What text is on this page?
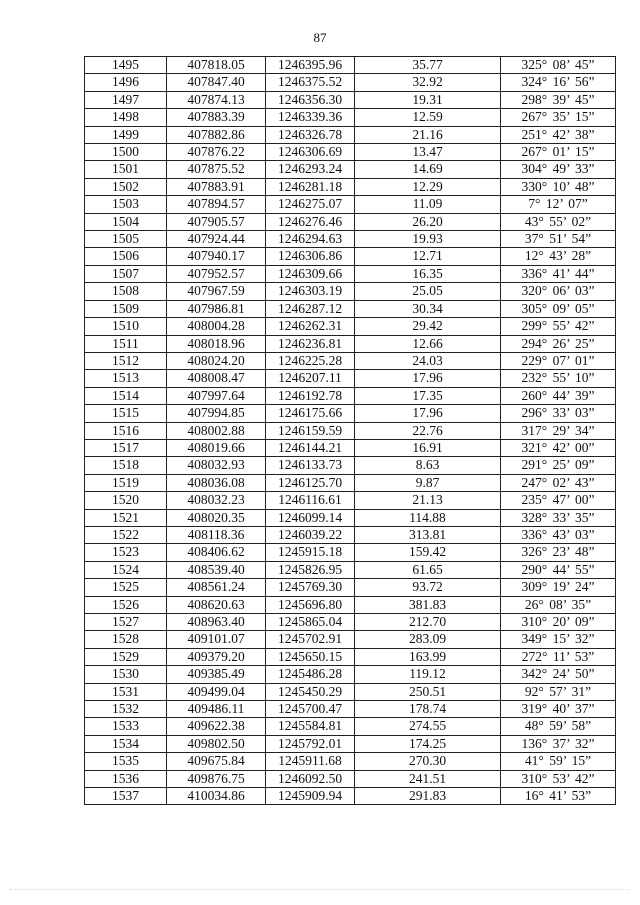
87
1495	407818.05	1246395.96	35.77	325° 08’ 45”
1496	407847.40	1246375.52	32.92	324° 16’ 56”
1497	407874.13	1246356.30	19.31	298° 39’ 45”
1498	407883.39	1246339.36	12.59	267° 35’ 15”
1499	407882.86	1246326.78	21.16	251° 42’ 38”
1500	407876.22	1246306.69	13.47	267° 01’ 15”
1501	407875.52	1246293.24	14.69	304° 49’ 33”
1502	407883.91	1246281.18	12.29	330° 10’ 48”
1503	407894.57	1246275.07	11.09	7° 12’ 07”
1504	407905.57	1246276.46	26.20	43° 55’ 02”
1505	407924.44	1246294.63	19.93	37° 51’ 54”
1506	407940.17	1246306.86	12.71	12° 43’ 28”
1507	407952.57	1246309.66	16.35	336° 41’ 44”
1508	407967.59	1246303.19	25.05	320° 06’ 03”
1509	407986.81	1246287.12	30.34	305° 09’ 05”
1510	408004.28	1246262.31	29.42	299° 55’ 42”
1511	408018.96	1246236.81	12.66	294° 26’ 25”
1512	408024.20	1246225.28	24.03	229° 07’ 01”
1513	408008.47	1246207.11	17.96	232° 55’ 10”
1514	407997.64	1246192.78	17.35	260° 44’ 39”
1515	407994.85	1246175.66	17.96	296° 33’ 03”
1516	408002.88	1246159.59	22.76	317° 29’ 34”
1517	408019.66	1246144.21	16.91	321° 42’ 00”
1518	408032.93	1246133.73	8.63	291° 25’ 09”
1519	408036.08	1246125.70	9.87	247° 02’ 43”
1520	408032.23	1246116.61	21.13	235° 47’ 00”
1521	408020.35	1246099.14	114.88	328° 33’ 35”
1522	408118.36	1246039.22	313.81	336° 43’ 03”
1523	408406.62	1245915.18	159.42	326° 23’ 48”
1524	408539.40	1245826.95	61.65	290° 44’ 55”
1525	408561.24	1245769.30	93.72	309° 19’ 24”
1526	408620.63	1245696.80	381.83	26° 08’ 35”
1527	408963.40	1245865.04	212.70	310° 20’ 09”
1528	409101.07	1245702.91	283.09	349° 15’ 32”
1529	409379.20	1245650.15	163.99	272° 11’ 53”
1530	409385.49	1245486.28	119.12	342° 24’ 50”
1531	409499.04	1245450.29	250.51	92° 57’ 31”
1532	409486.11	1245700.47	178.74	319° 40’ 37”
1533	409622.38	1245584.81	274.55	48° 59’ 58”
1534	409802.50	1245792.01	174.25	136° 37’ 32”
1535	409675.84	1245911.68	270.30	41° 59’ 15”
1536	409876.75	1246092.50	241.51	310° 53’ 42”
1537	410034.86	1245909.94	291.83	16° 41’ 53”
